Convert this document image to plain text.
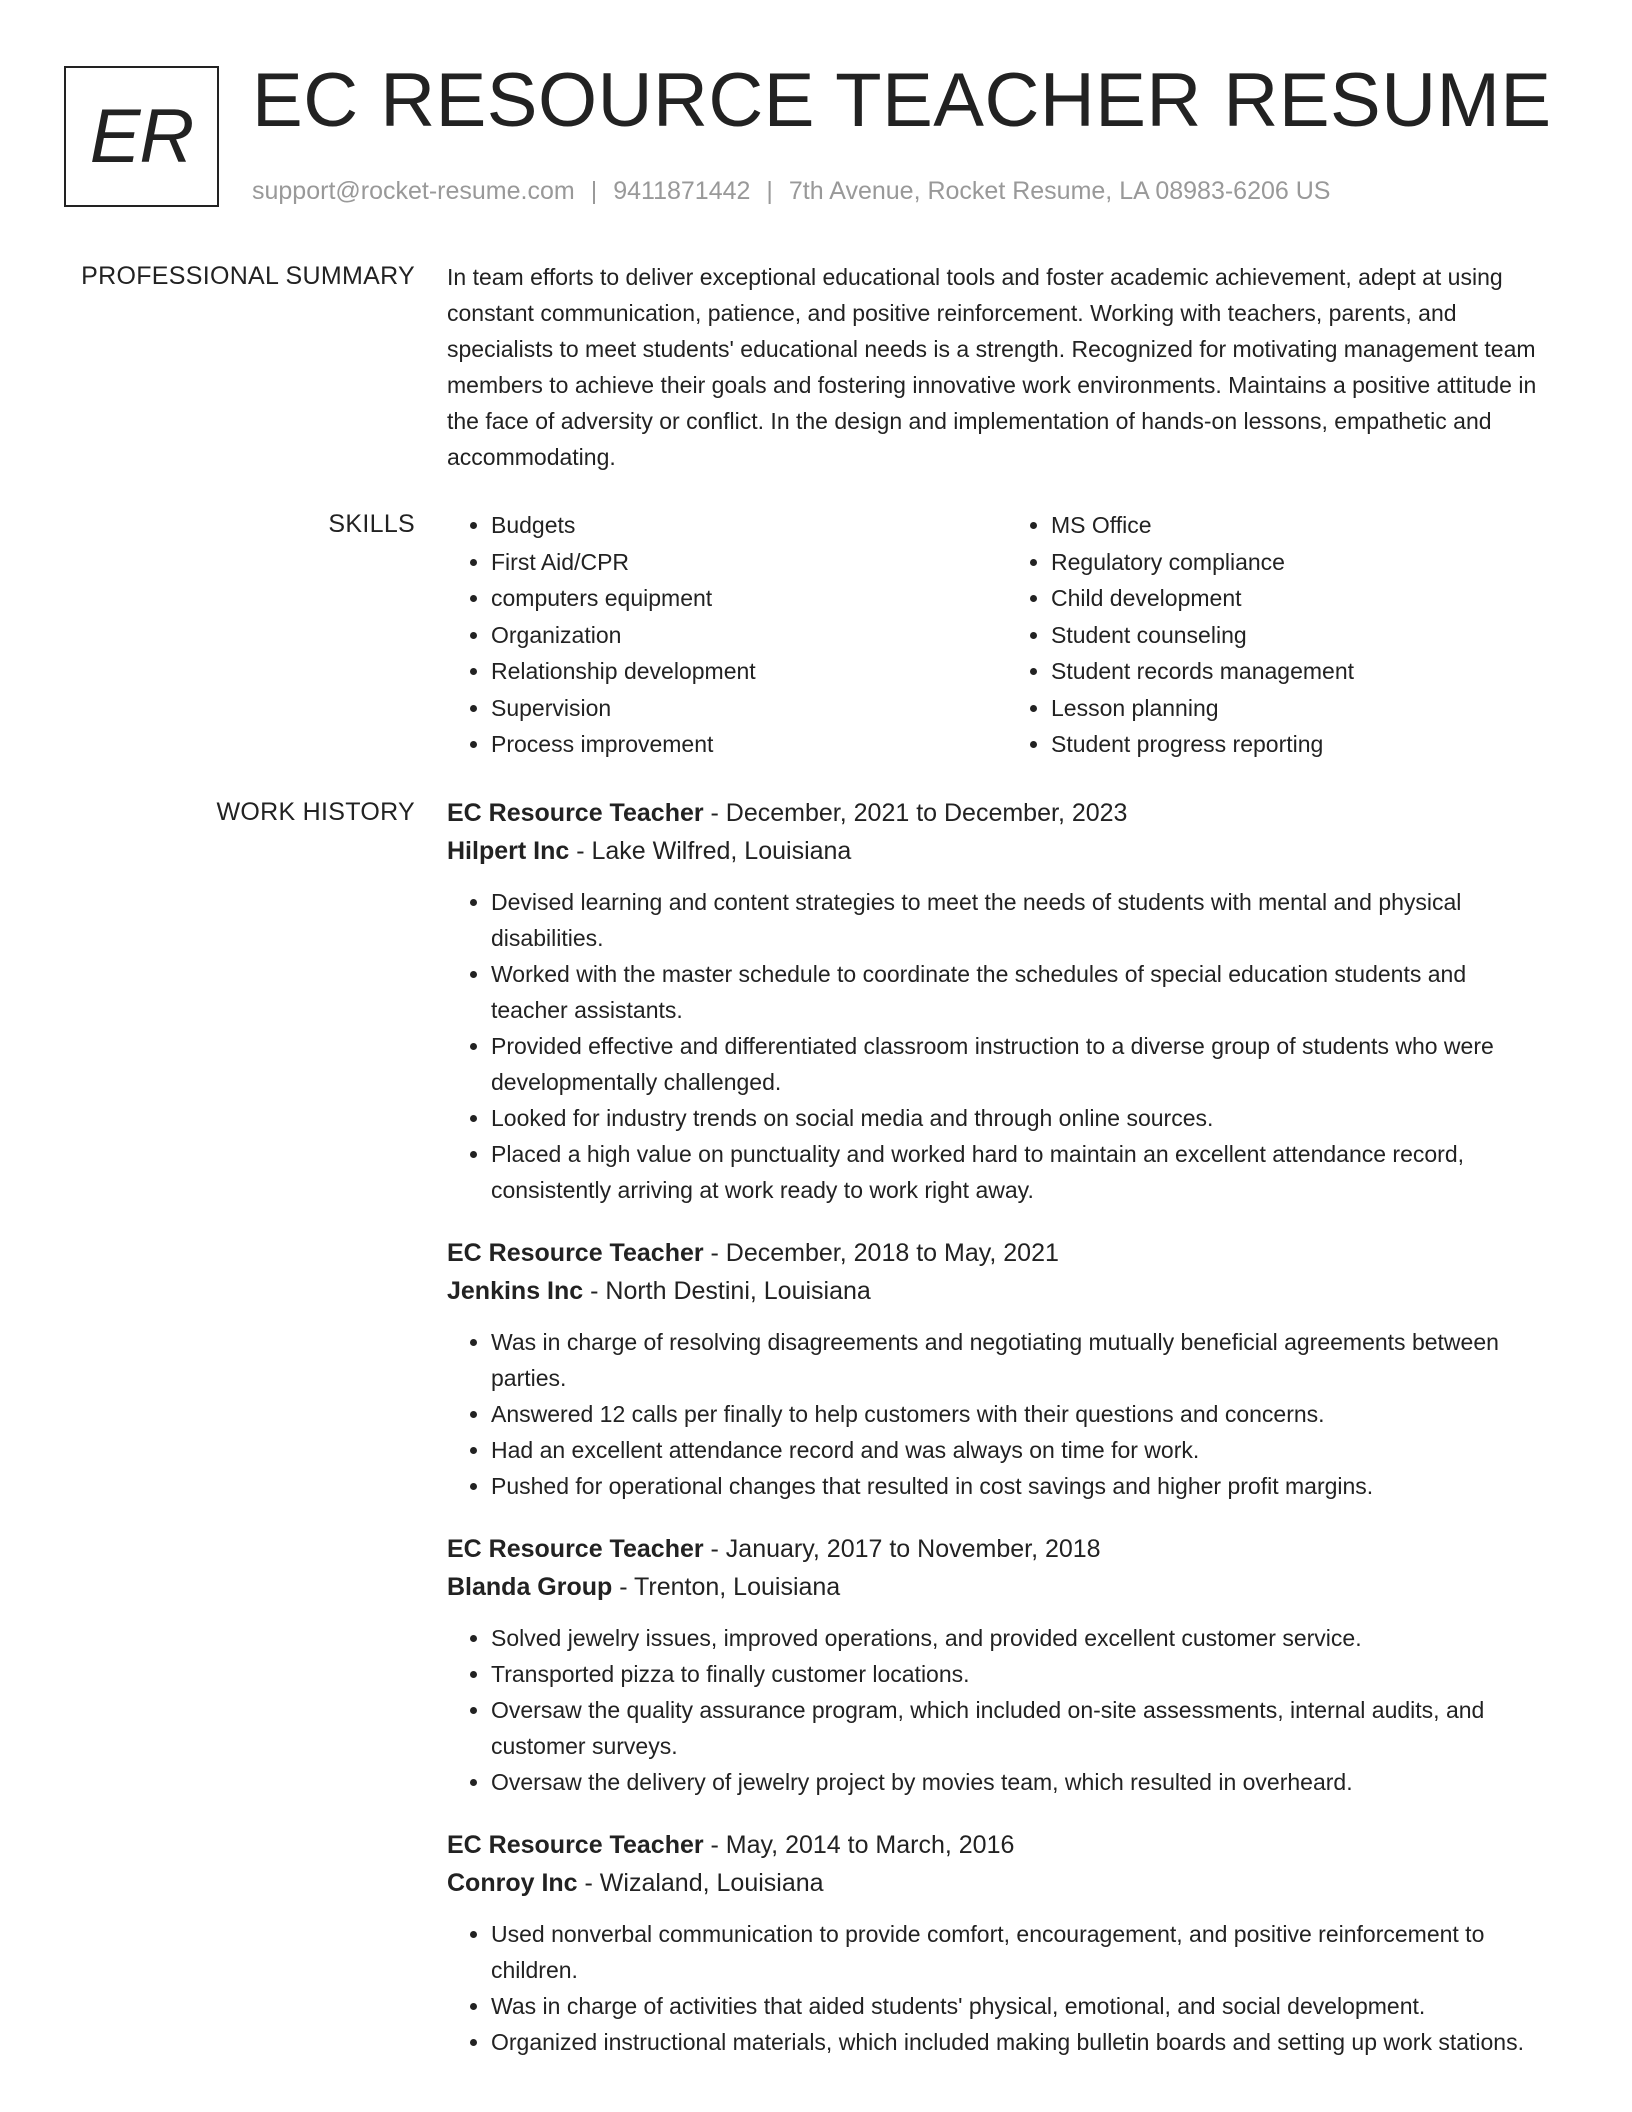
ER EC RESOURCE TEACHER RESUME
support@rocket-resume.com | 9411871442 | 7th Avenue, Rocket Resume, LA 08983-6206 US
PROFESSIONAL SUMMARY In team efforts to deliver exceptional educational tools and foster academic achievement, adept at using constant communication, patience, and positive reinforcement. Working with teachers, parents, and specialists to meet students' educational needs is a strength. Recognized for motivating management team members to achieve their goals and fostering innovative work environments. Maintains a positive attitude in the face of adversity or conflict. In the design and implementation of hands-on lessons, empathetic and accommodating.

SKILLS
•	Budgets
• First Aid/CPR
• computers equipment
• Organization
• Relationship development
• Supervision
• Process improvement
• MS Office
• Regulatory compliance
• Child development
• Student counseling
• Student records management
• Lesson planning
• Student progress reporting
WORK HISTORY EC Resource Teacher - December, 2021 to December, 2023
Hilpert Inc - Lake Wilfred, Louisiana
• Devised learning and content strategies to meet the needs of students with mental and physical disabilities.
• Worked with the master schedule to coordinate the schedules of special education students and teacher assistants.
• Provided effective and differentiated classroom instruction to a diverse group of students who were developmentally challenged.
• Looked for industry trends on social media and through online sources.
• Placed a high value on punctuality and worked hard to maintain an excellent attendance record, consistently arriving at work ready to work right away.
EC Resource Teacher - December, 2018 to May, 2021
Jenkins Inc - North Destini, Louisiana
• Was in charge of resolving disagreements and negotiating mutually beneficial agreements between parties.
• Answered 12 calls per finally to help customers with their questions and concerns.
• Had an excellent attendance record and was always on time for work.
• Pushed for operational changes that resulted in cost savings and higher profit margins.
EC Resource Teacher - January, 2017 to November, 2018
Blanda Group - Trenton, Louisiana
• Solved jewelry issues, improved operations, and provided excellent customer service.
• Transported pizza to finally customer locations.
• Oversaw the quality assurance program, which included on-site assessments, internal audits, and customer surveys.
• Oversaw the delivery of jewelry project by movies team, which resulted in overheard.
EC Resource Teacher - May, 2014 to March, 2016
Conroy Inc - Wizaland, Louisiana
• Used nonverbal communication to provide comfort, encouragement, and positive reinforcement to children.
• Was in charge of activities that aided students' physical, emotional, and social development.
• Organized instructional materials, which included making bulletin boards and setting up work stations.
